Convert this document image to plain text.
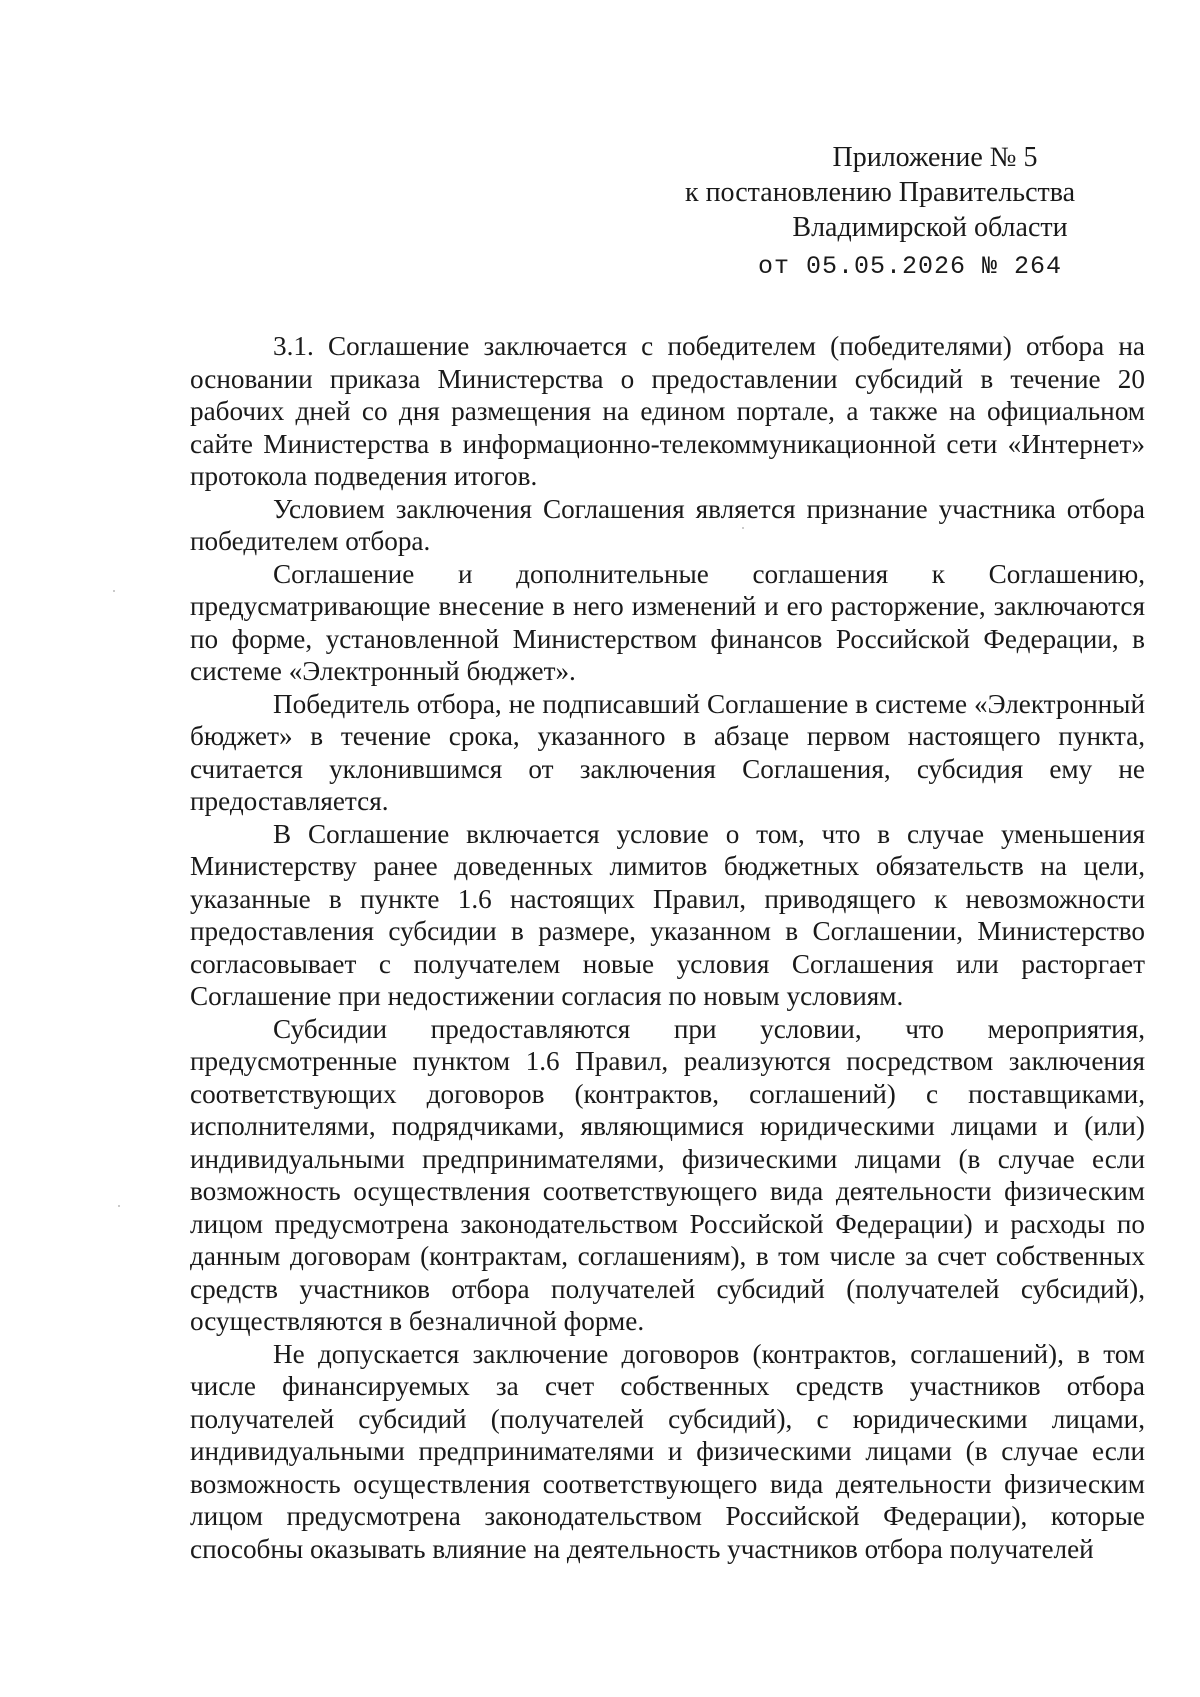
Приложение № 5
к постановлению Правительства
Владимирской области
от 05.05.2026 № 264

3.1. Соглашение заключается с победителем (победителями) отбора на основании приказа Министерства о предоставлении субсидий в течение 20 рабочих дней со дня размещения на едином портале, а также на официальном сайте Министерства в информационно-телекоммуникационной сети «Интернет» протокола подведения итогов.

Условием заключения Соглашения является признание участника отбора победителем отбора.

Соглашение и дополнительные соглашения к Соглашению, предусматривающие внесение в него изменений и его расторжение, заключаются по форме, установленной Министерством финансов Российской Федерации, в системе «Электронный бюджет».

Победитель отбора, не подписавший Соглашение в системе «Электронный бюджет» в течение срока, указанного в абзаце первом настоящего пункта, считается уклонившимся от заключения Соглашения, субсидия ему не предоставляется.

В Соглашение включается условие о том, что в случае уменьшения Министерству ранее доведенных лимитов бюджетных обязательств на цели, указанные в пункте 1.6 настоящих Правил, приводящего к невозможности предоставления субсидии в размере, указанном в Соглашении, Министерство согласовывает с получателем новые условия Соглашения или расторгает Соглашение при недостижении согласия по новым условиям.

Субсидии предоставляются при условии, что мероприятия, предусмотренные пунктом 1.6 Правил, реализуются посредством заключения соответствующих договоров (контрактов, соглашений) с поставщиками, исполнителями, подрядчиками, являющимися юридическими лицами и (или) индивидуальными предпринимателями, физическими лицами (в случае если возможность осуществления соответствующего вида деятельности физическим лицом предусмотрена законодательством Российской Федерации) и расходы по данным договорам (контрактам, соглашениям), в том числе за счет собственных средств участников отбора получателей субсидий (получателей субсидий), осуществляются в безналичной форме.

Не допускается заключение договоров (контрактов, соглашений), в том числе финансируемых за счет собственных средств участников отбора получателей субсидий (получателей субсидий), с юридическими лицами, индивидуальными предпринимателями и физическими лицами (в случае если возможность осуществления соответствующего вида деятельности физическим лицом предусмотрена законодательством Российской Федерации), которые способны оказывать влияние на деятельность участников отбора получателей
